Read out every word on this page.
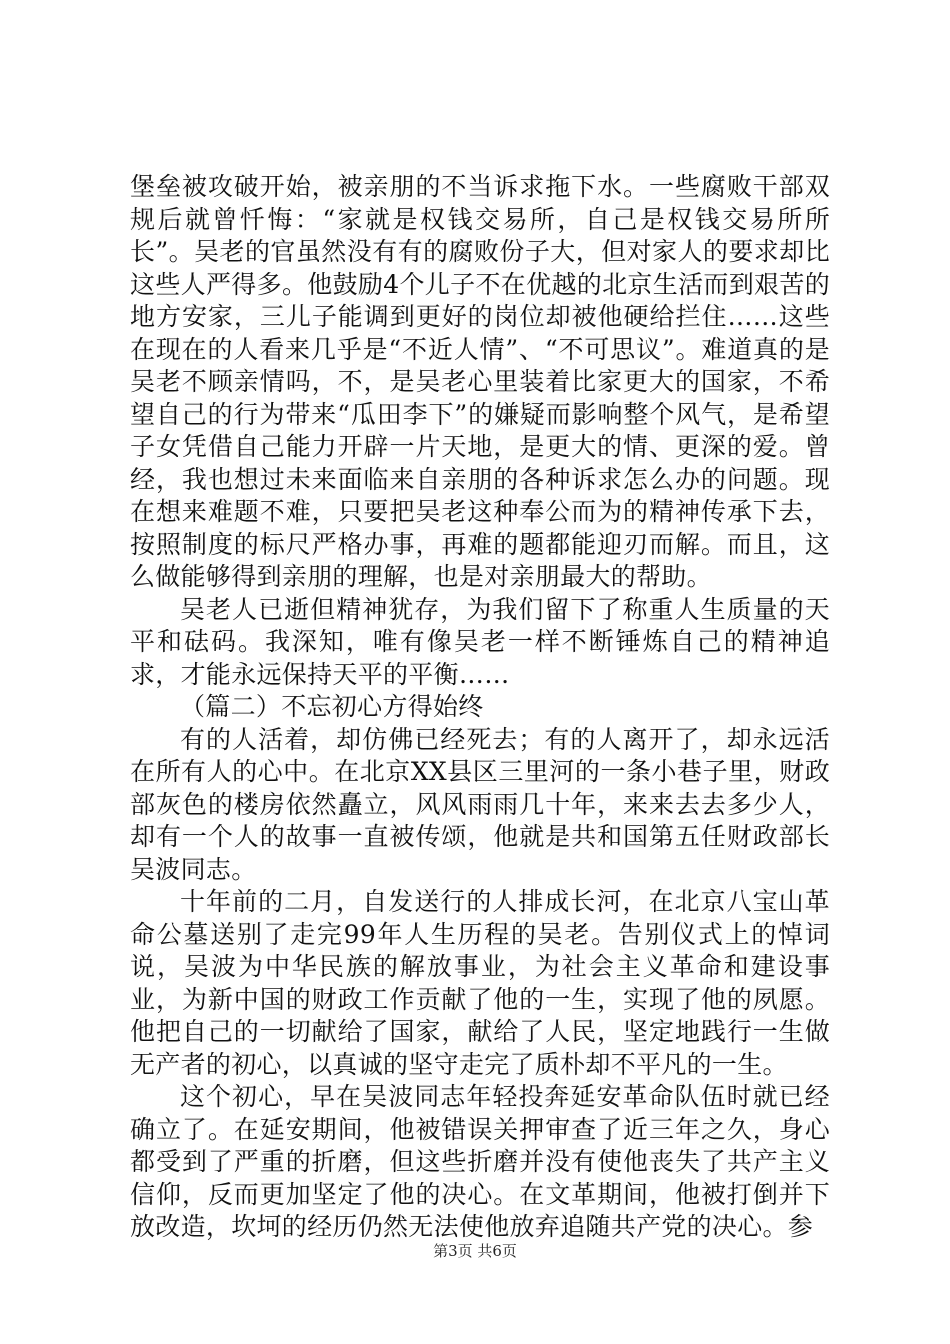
堡垒被攻破开始，被亲朋的不当诉求拖下水。一些腐败干部双规后就曾忏悔：“家就是权钱交易所，自己是权钱交易所所长”。吴老的官虽然没有有的腐败份子大，但对家人的要求却比这些人严得多。他鼓励4个儿子不在优越的北京生活而到艰苦的地方安家，三儿子能调到更好的岗位却被他硬给拦住……这些在现在的人看来几乎是“不近人情”、“不可思议”。难道真的是吴老不顾亲情吗，不，是吴老心里装着比家更大的国家，不希望自己的行为带来“瓜田李下”的嫌疑而影响整个风气，是希望子女凭借自己能力开辟一片天地，是更大的情、更深的爱。曾经，我也想过未来面临来自亲朋的各种诉求怎么办的问题。现在想来难题不难，只要把吴老这种奉公而为的精神传承下去，按照制度的标尺严格办事，再难的题都能迎刃而解。而且，这么做能够得到亲朋的理解，也是对亲朋最大的帮助。

吴老人已逝但精神犹存，为我们留下了称重人生质量的天平和砝码。我深知，唯有像吴老一样不断锤炼自己的精神追求，才能永远保持天平的平衡……

（篇二）不忘初心方得始终

有的人活着，却仿佛已经死去；有的人离开了，却永远活在所有人的心中。在北京XX县区三里河的一条小巷子里，财政部灰色的楼房依然矗立，风风雨雨几十年，来来去去多少人，却有一个人的故事一直被传颂，他就是共和国第五任财政部长吴波同志。

十年前的二月，自发送行的人排成长河，在北京八宝山革命公墓送别了走完99年人生历程的吴老。告别仪式上的悼词说，吴波为中华民族的解放事业，为社会主义革命和建设事业，为新中国的财政工作贡献了他的一生，实现了他的夙愿。他把自己的一切献给了国家，献给了人民，坚定地践行一生做无产者的初心，以真诚的坚守走完了质朴却不平凡的一生。

这个初心，早在吴波同志年轻投奔延安革命队伍时就已经确立了。在延安期间，他被错误关押审查了近三年之久，身心都受到了严重的折磨，但这些折磨并没有使他丧失了共产主义信仰，反而更加坚定了他的决心。在文革期间，他被打倒并下放改造，坎坷的经历仍然无法使他放弃追随共产党的决心。参

第3页 共6页
